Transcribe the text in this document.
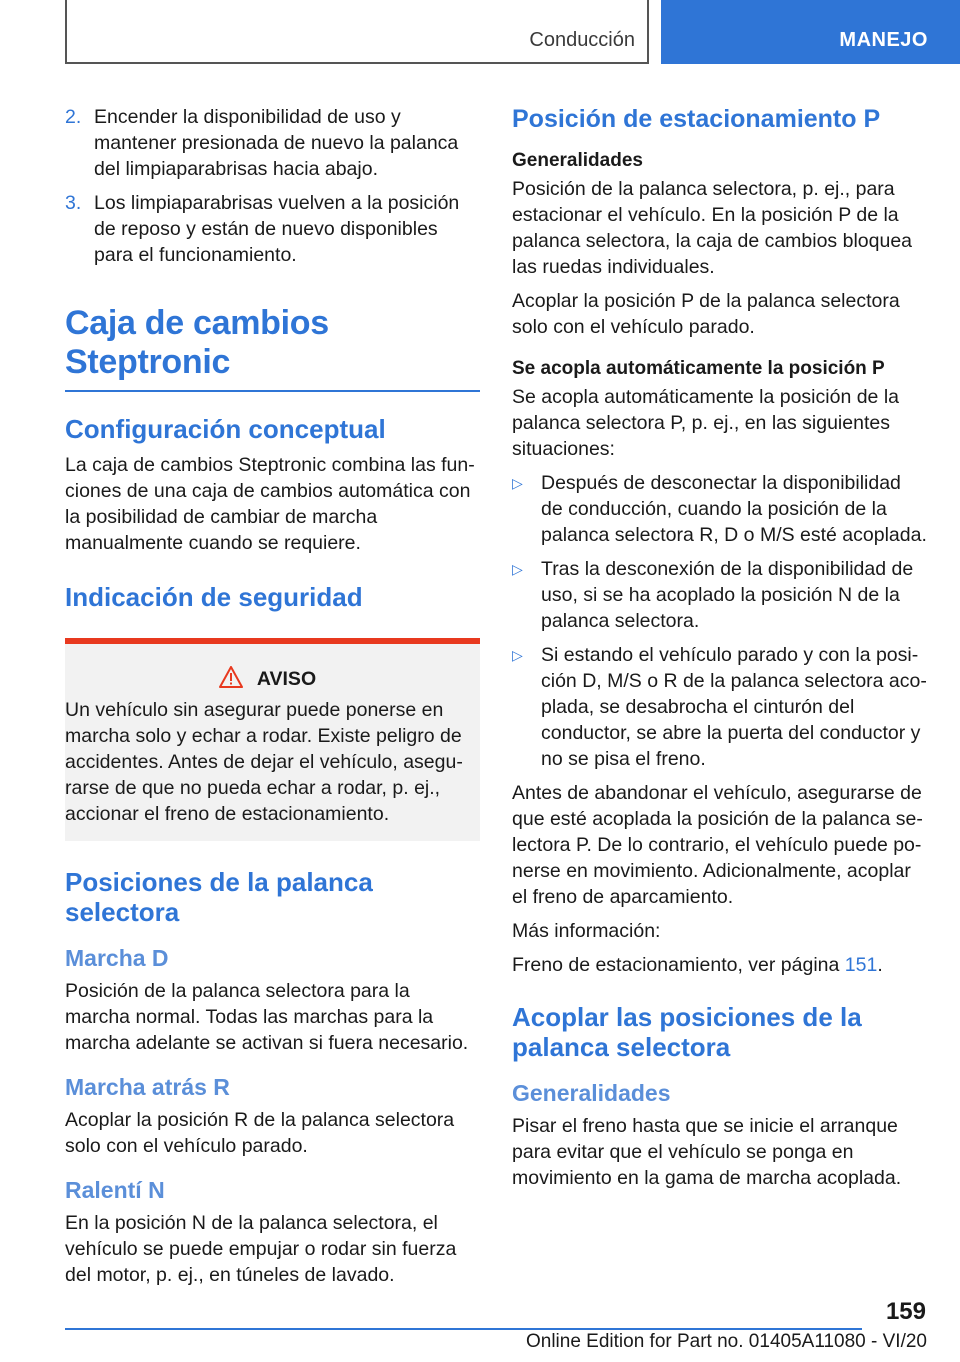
Conducción	MANEJO
2. Encender la disponibilidad de uso y mantener presionada de nuevo la palanca del limpiaparabrisas hacia abajo.
3. Los limpiaparabrisas vuelven a la posición de reposo y están de nuevo disponibles para el funcionamiento.
Caja de cambios Steptronic
Configuración conceptual

La caja de cambios Steptronic combina las funciones de una caja de cambios automática con la posibilidad de cambiar de marcha manualmente cuando se requiere.

Indicación de seguridad
AVISO

Un vehículo sin asegurar puede ponerse en marcha solo y echar a rodar. Existe peligro de accidentes. Antes de dejar el vehículo, asegurarse de que no pueda echar a rodar, p. ej., accionar el freno de estacionamiento.

Posiciones de la palanca selectora
Marcha D

Posición de la palanca selectora para la marcha normal. Todas las marchas para la marcha adelante se activan si fuera necesario.

Marcha atrás R

Acoplar la posición R de la palanca selectora solo con el vehículo parado.

Ralentí N

En la posición N de la palanca selectora, el vehículo se puede empujar o rodar sin fuerza del motor, p. ej., en túneles de lavado.

Posición de estacionamiento P
Generalidades

Posición de la palanca selectora, p. ej., para estacionar el vehículo. En la posición P de la palanca selectora, la caja de cambios bloquea las ruedas individuales.

Acoplar la posición P de la palanca selectora solo con el vehículo parado.

Se acopla automáticamente la posición P

Se acopla automáticamente la posición de la palanca selectora P, p. ej., en las siguientes situaciones:

▷ Después de desconectar la disponibilidad de conducción, cuando la posición de la palanca selectora R, D o M/S esté acoplada.
▷ Tras la desconexión de la disponibilidad de uso, si se ha acoplado la posición N de la palanca selectora.
▷ Si estando el vehículo parado y con la posición D, M/S o R de la palanca selectora acoplada, se desabrocha el cinturón del conductor, se abre la puerta del conductor y no se pisa el freno.

Antes de abandonar el vehículo, asegurarse de que esté acoplada la posición de la palanca selectora P. De lo contrario, el vehículo puede ponerse en movimiento. Adicionalmente, acoplar el freno de aparcamiento.

Más información:

Freno de estacionamiento, ver página 151.

Acoplar las posiciones de la palanca selectora
Generalidades

Pisar el freno hasta que se inicie el arranque para evitar que el vehículo se ponga en movimiento en la gama de marcha acoplada.

159
Online Edition for Part no. 01405A11080 - VI/20
